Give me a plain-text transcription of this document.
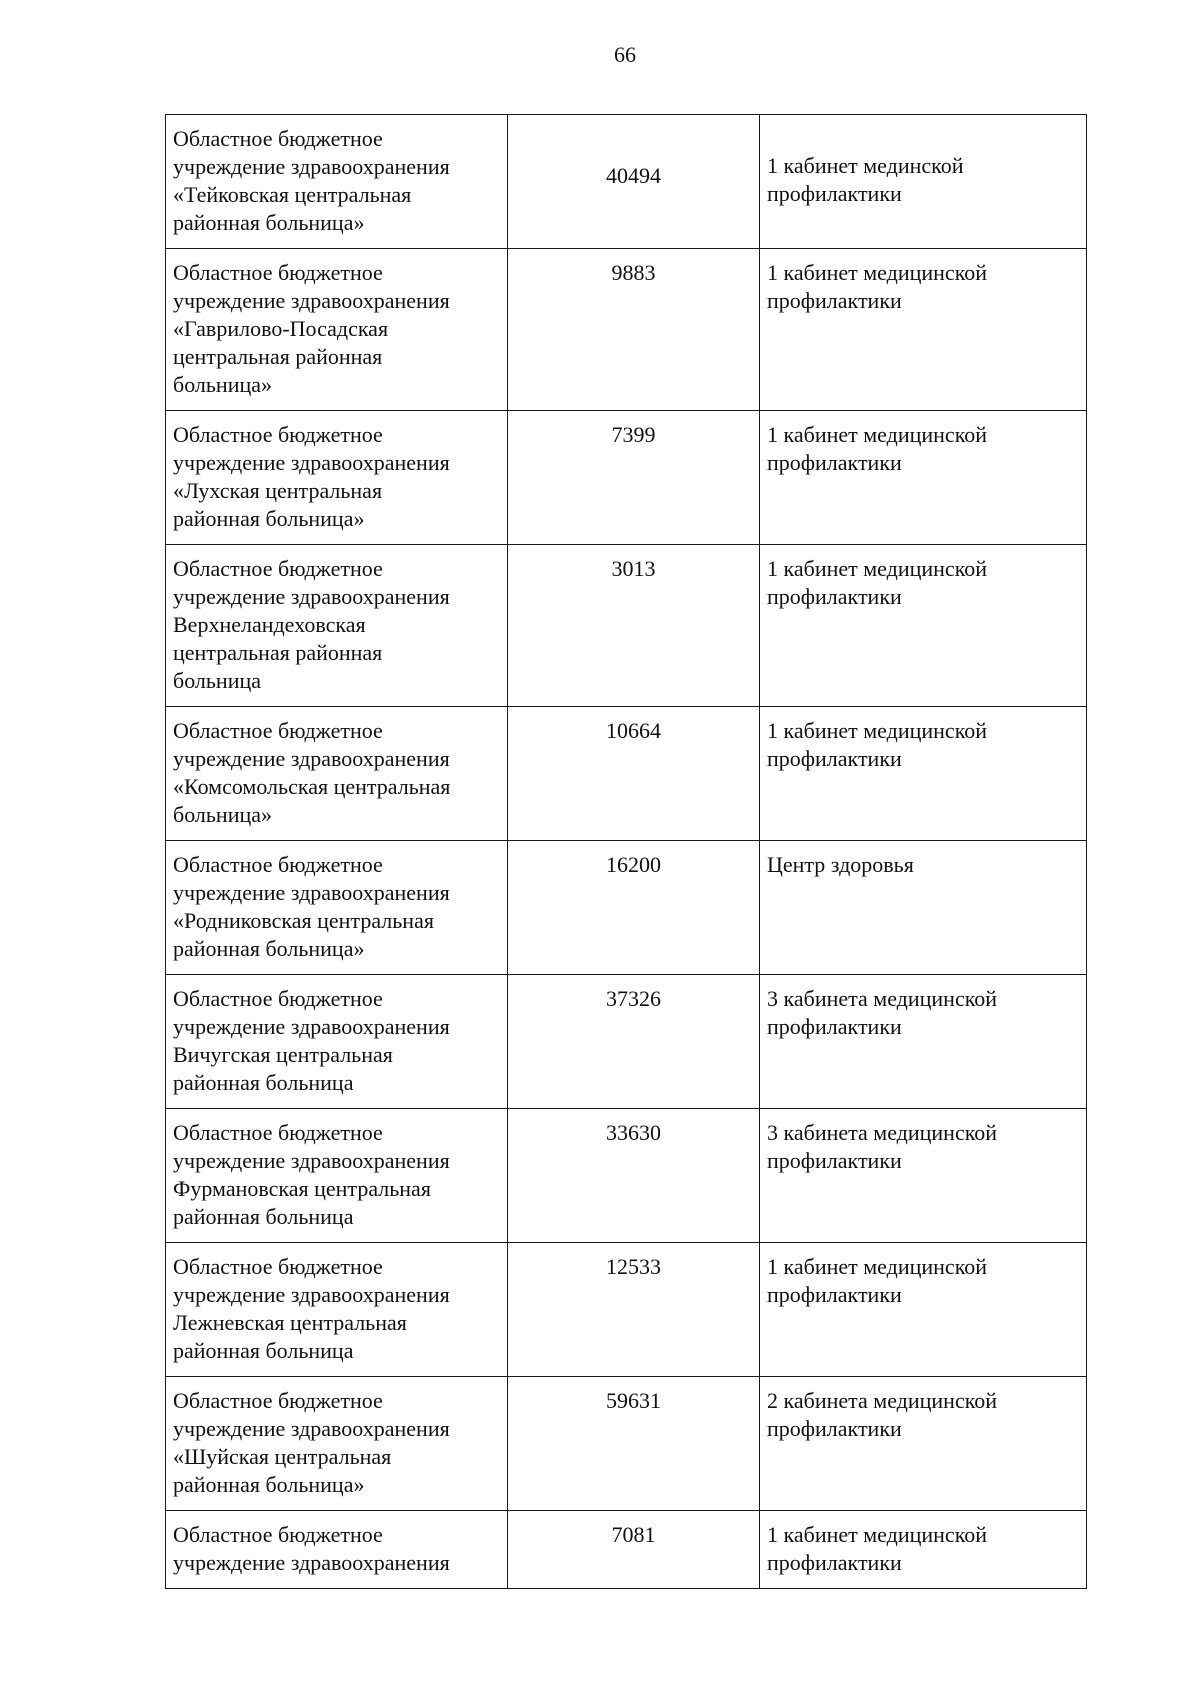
66
Областное бюджетное
учреждение здравоохранения
«Тейковская центральная
районная больница»	40494	1 кабинет мединской
профилактики

Областное бюджетное
учреждение здравоохранения
«Гаврилово-Посадская
центральная районная
больница»	9883	1 кабинет медицинской
профилактики

Областное бюджетное
учреждение здравоохранения
«Лухская центральная
районная больница»	7399	1 кабинет медицинской
профилактики

Областное бюджетное
учреждение здравоохранения
Верхнеландеховская
центральная районная
больница	3013	1 кабинет медицинской
профилактики

Областное бюджетное
учреждение здравоохранения
«Комсомольская центральная
больница»	10664	1 кабинет медицинской
профилактики

Областное бюджетное
учреждение здравоохранения
«Родниковская центральная
районная больница»	16200	Центр здоровья

Областное бюджетное
учреждение здравоохранения
Вичугская центральная
районная больница	37326	3 кабинета медицинской
профилактики

Областное бюджетное
учреждение здравоохранения
Фурмановская центральная
районная больница	33630	3 кабинета медицинской
профилактики

Областное бюджетное
учреждение здравоохранения
Лежневская центральная
районная больница	12533	1 кабинет медицинской
профилактики

Областное бюджетное
учреждение здравоохранения
«Шуйская центральная
районная больница»	59631	2 кабинета медицинской
профилактики

Областное бюджетное
учреждение здравоохранения	7081	1 кабинет медицинской
профилактики
